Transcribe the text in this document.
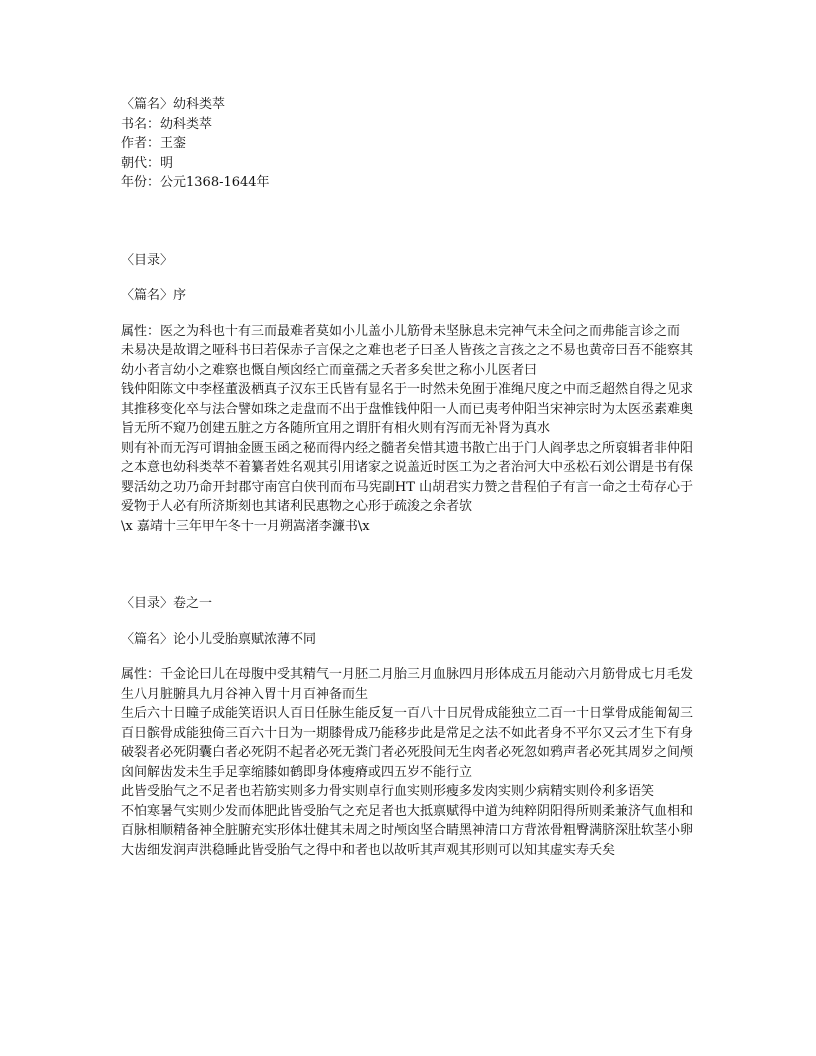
〈篇名〉幼科类萃
书名：幼科类萃
作者：王銮
朝代：明
年份：公元1368-1644年
〈目录〉
〈篇名〉序
属性：医之为科也十有三而最难者莫如小儿盖小儿筋骨未坚脉息未完神气未全问之而弗能言诊之而
未易决是故谓之哑科书曰若保赤子言保之之难也老子曰圣人皆孩之言孩之之不易也黄帝曰吾不能察其幼小者言幼小之难察也慨自颅囟经亡而童孺之夭者多矣世之称小儿医者曰
钱仲阳陈文中李柽董汲栖真子汉东王氏皆有显名于一时然未免囿于准绳尺度之中而乏超然自得之见求其推移变化卒与法合譬如珠之走盘而不出于盘惟钱仲阳一人而已夷考仲阳当宋神宗时为太医丞素难奥旨无所不窥乃创建五脏之方各随所宜用之谓肝有相火则有泻而无补肾为真水
则有补而无泻可谓抽金匮玉函之秘而得内经之髓者矣惜其遗书散亡出于门人阎孝忠之所裒辑者非仲阳之本意也幼科类萃不着纂者姓名观其引用诸家之说盖近时医工为之者治河大中丞松石刘公谓是书有保婴活幼之功乃命开封郡守南宫白侠刊而布马宪副HT 山胡君实力赞之昔程伯子有言一命之士苟存心于爱物于人必有所济斯刻也其诸利民惠物之心形于疏浚之余者欤
\x 嘉靖十三年甲午冬十一月朔嵩渚李濂书\x
〈目录〉卷之一
〈篇名〉论小儿受胎禀赋浓薄不同
属性：千金论曰儿在母腹中受其精气一月胚二月胎三月血脉四月形体成五月能动六月筋骨成七月毛发生八月脏腑具九月谷神入胃十月百神备而生
生后六十日瞳子成能笑语识人百日任脉生能反复一百八十日尻骨成能独立二百一十日掌骨成能匍匐三百日髌骨成能独倚三百六十日为一期膝骨成乃能移步此是常足之法不如此者身不平尔又云才生下有身破裂者必死阴囊白者必死阴不起者必死无粪门者必死股间无生肉者必死忽如鸦声者必死其周岁之间颅囟间解齿发未生手足挛缩膝如鹤即身体瘦瘠或四五岁不能行立
此皆受胎气之不足者也若筋实则多力骨实则卓行血实则形瘦多发肉实则少病精实则伶利多语笑
不怕寒暑气实则少发而体肥此皆受胎气之充足者也大抵禀赋得中道为纯粹阴阳得所则柔兼济气血相和百脉相顺精备神全脏腑充实形体壮健其未周之时颅囟坚合睛黑神清口方背浓骨粗臀满脐深肚软茎小卵大齿细发润声洪稳睡此皆受胎气之得中和者也以故听其声观其形则可以知其虚实寿夭矣
